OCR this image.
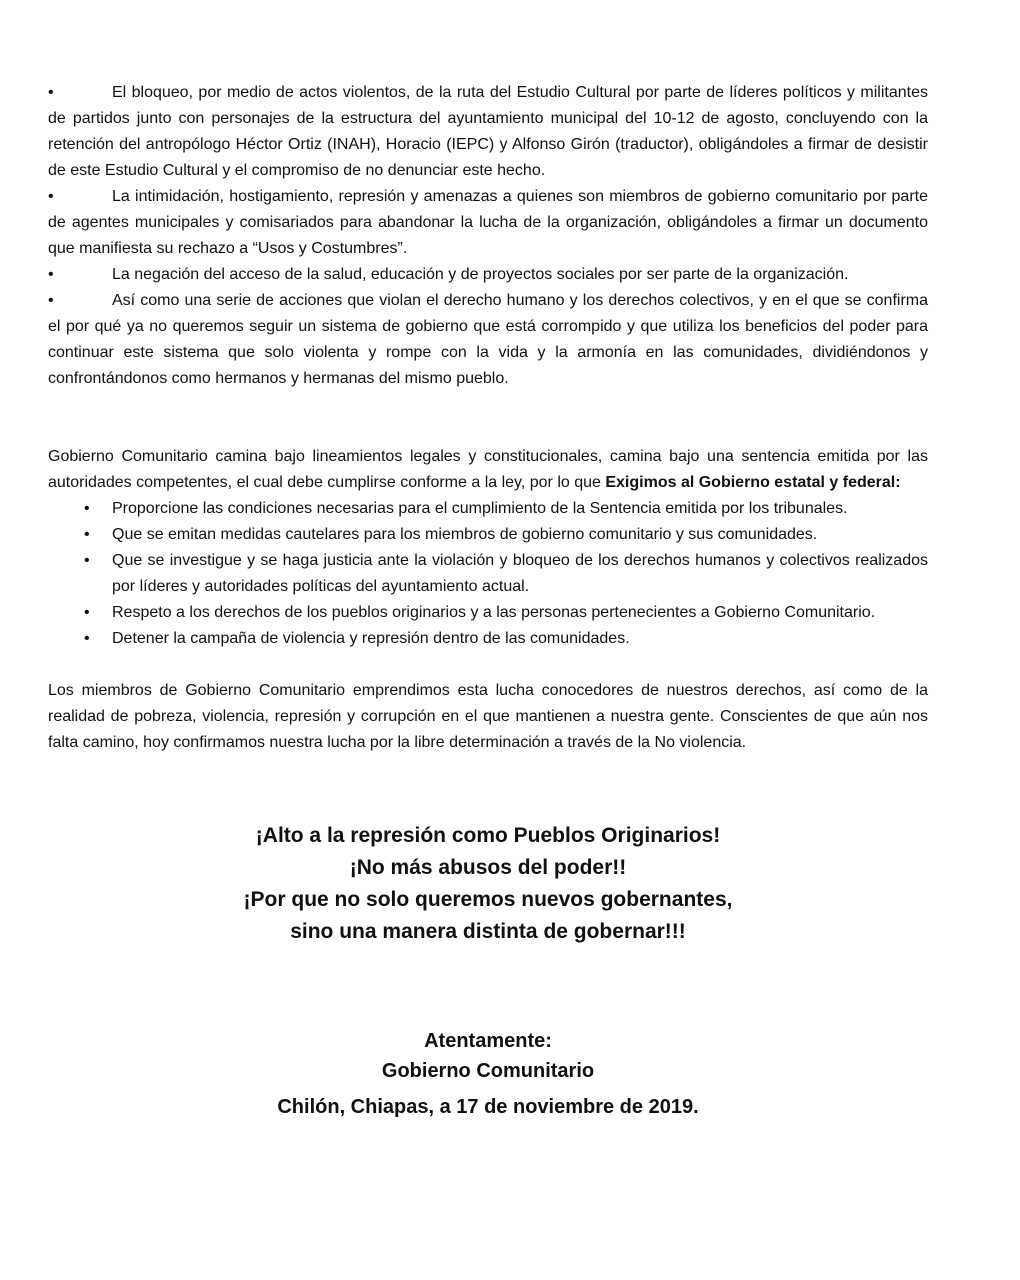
•	El bloqueo, por medio de actos violentos, de la ruta del Estudio Cultural por parte de líderes políticos y militantes de partidos junto con personajes de la estructura del ayuntamiento municipal del 10-12 de agosto, concluyendo con la retención del antropólogo Héctor Ortiz (INAH), Horacio (IEPC) y Alfonso Girón (traductor), obligándoles a firmar de desistir de este Estudio Cultural y el compromiso de no denunciar este hecho.
•	La intimidación, hostigamiento, represión y amenazas a quienes son miembros de gobierno comunitario por parte de agentes municipales y comisariados para abandonar la lucha de la organización, obligándoles a firmar un documento que manifiesta su rechazo a “Usos y Costumbres”.
•	La negación del acceso de la salud, educación y de proyectos sociales por ser parte de la organización.
•	Así como una serie de acciones que violan el derecho humano y los derechos colectivos, y en el que se confirma el por qué ya no queremos seguir un sistema de gobierno que está corrompido y que utiliza los beneficios del poder para continuar este sistema que solo violenta y rompe con la vida y la armonía en las comunidades, dividiéndonos y confrontándonos como hermanos y hermanas del mismo pueblo.

Gobierno Comunitario camina bajo lineamientos legales y constitucionales, camina bajo una sentencia emitida por las autoridades competentes, el cual debe cumplirse conforme a la ley, por lo que Exigimos al Gobierno estatal y federal:

• Proporcione las condiciones necesarias para el cumplimiento de la Sentencia emitida por los tribunales.
• Que se emitan medidas cautelares para los miembros de gobierno comunitario y sus comunidades.
• Que se investigue y se haga justicia ante la violación y bloqueo de los derechos humanos y colectivos realizados por líderes y autoridades políticas del ayuntamiento actual.
• Respeto a los derechos de los pueblos originarios y a las personas pertenecientes a Gobierno Comunitario.
• Detener la campaña de violencia y represión dentro de las comunidades.

Los miembros de Gobierno Comunitario emprendimos esta lucha conocedores de nuestros derechos, así como de la realidad de pobreza, violencia, represión y corrupción en el que mantienen a nuestra gente. Conscientes de que aún nos falta camino, hoy confirmamos nuestra lucha por la libre determinación a través de la No violencia.

¡Alto a la represión como Pueblos Originarios!
¡No más abusos del poder!!
¡Por que no solo queremos nuevos gobernantes,
sino una manera distinta de gobernar!!!
Atentamente:
Gobierno Comunitario
Chilón, Chiapas, a 17 de noviembre de 2019.
